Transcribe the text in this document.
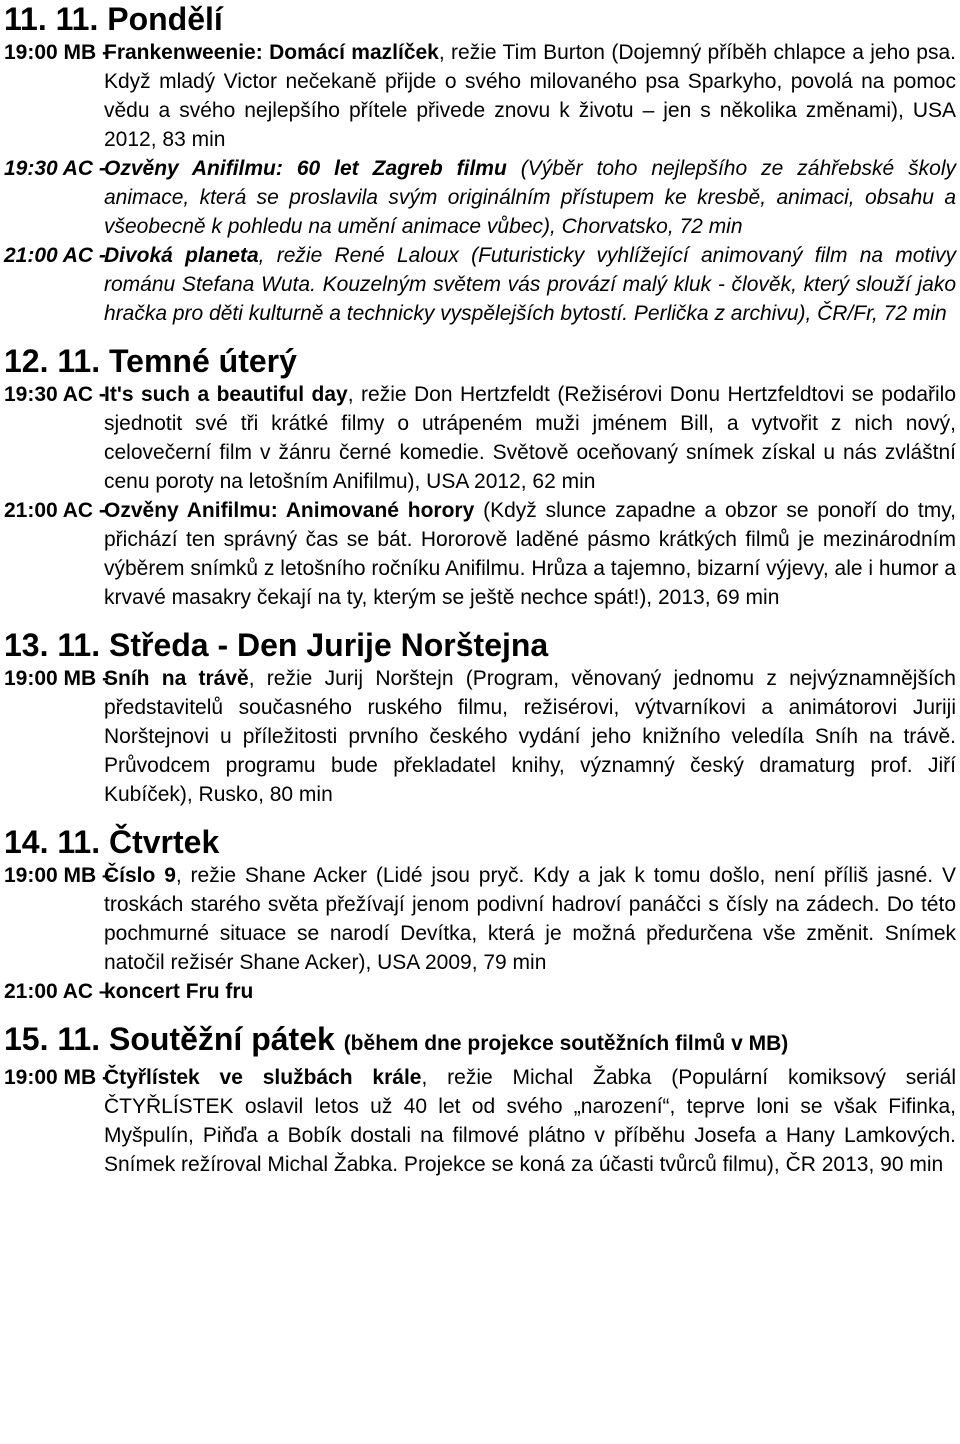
11. 11. Pondělí
19:00 MB -
Frankenweenie: Domácí mazlíček, režie Tim Burton (Dojemný příběh chlapce a jeho psa. Když mladý Victor nečekaně přijde o svého milovaného psa Sparkyho, povolá na pomoc vědu a svého nejlepšího přítele přivede znovu k životu – jen s několika změnami), USA 2012, 83 min
19:30 AC -
Ozvěny Anifilmu: 60 let Zagreb filmu (Výběr toho nejlepšího ze záhřebské školy animace, která se proslavila svým originálním přístupem ke kresbě, animaci, obsahu a všeobecně k pohledu na umění animace vůbec), Chorvatsko, 72 min
21:00 AC -
Divoká planeta, režie René Laloux (Futuristicky vyhlížející animovaný film na motivy románu Stefana Wuta. Kouzelným světem vás provází malý kluk - člověk, který slouží jako hračka pro děti kulturně a technicky vyspělejších bytostí. Perlička z archivu), ČR/Fr, 72 min
12. 11. Temné úterý
19:30 AC -
It's such a beautiful day, režie Don Hertzfeldt (Režisérovi Donu Hertzfeldtovi se podařilo sjednotit své tři krátké filmy o utrápeném muži jménem Bill, a vytvořit z nich nový, celovečerní film v žánru černé komedie. Světově oceňovaný snímek získal u nás zvláštní cenu poroty na letošním Anifilmu), USA 2012, 62 min
21:00 AC -
Ozvěny Anifilmu: Animované horory (Když slunce zapadne a obzor se ponoří do tmy, přichází ten správný čas se bát. Hororově laděné pásmo krátkých filmů je mezinárodním výběrem snímků z letošního ročníku Anifilmu. Hrůza a tajemno, bizarní výjevy, ale i humor a krvavé masakry čekají na ty, kterým se ještě nechce spát!), 2013, 69 min
13. 11. Středa - Den Jurije Norštejna
19:00 MB -
Sníh na trávě, režie Jurij Norštejn (Program, věnovaný jednomu z nejvýznamnějších představitelů současného ruského filmu, režisérovi, výtvarníkovi a animátorovi Juriji Norštejnovi u příležitosti prvního českého vydání jeho knižního veledíla Sníh na trávě. Průvodcem programu bude překladatel knihy, významný český dramaturg prof. Jiří Kubíček), Rusko, 80 min
14. 11. Čtvrtek
19:00 MB –
Číslo 9, režie Shane Acker (Lidé jsou pryč. Kdy a jak k tomu došlo, není příliš jasné. V troskách starého světa přežívají jenom podivní hadroví panáčci s čísly na zádech. Do této pochmurné situace se narodí Devítka, která je možná předurčena vše změnit. Snímek natočil režisér Shane Acker), USA 2009, 79 min
21:00 AC –
koncert Fru fru
15. 11. Soutěžní pátek (během dne projekce soutěžních filmů v MB)
19:00 MB -
Čtyřlístek ve službách krále, režie Michal Žabka (Populární komiksový seriál ČTYŘLÍSTEK oslavil letos už 40 let od svého „narození“, teprve loni se však Fifinka, Myšpulín, Piňďa a Bobík dostali na filmové plátno v příběhu Josefa a Hany Lamkových. Snímek režíroval Michal Žabka. Projekce se koná za účasti tvůrců filmu), ČR 2013, 90 min
